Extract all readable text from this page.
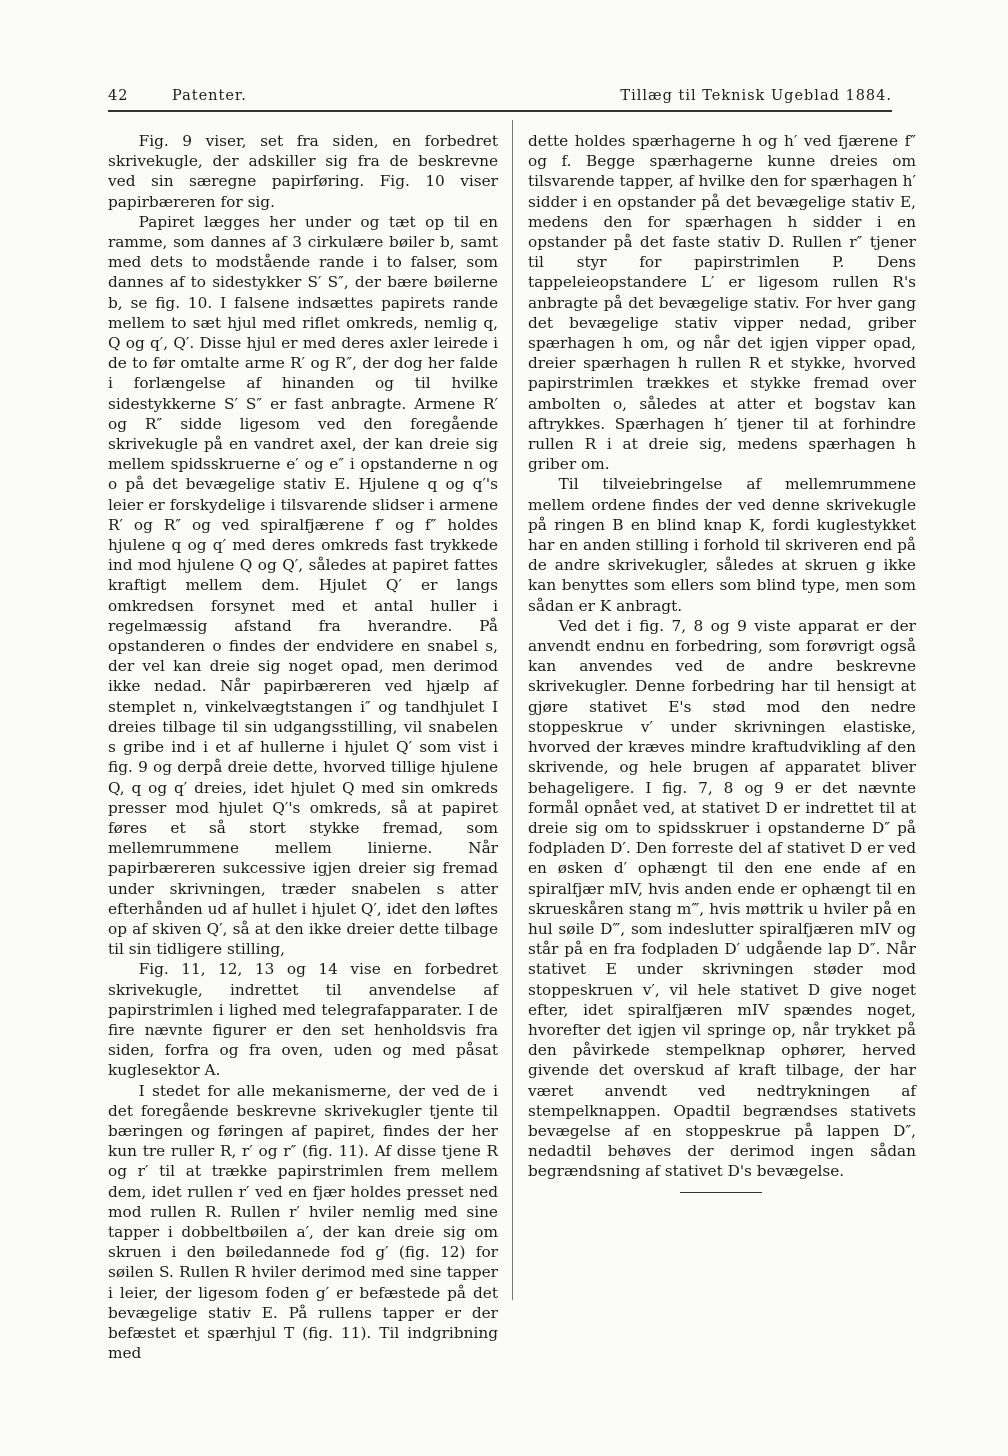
42	Patenter.	Tillæg til Teknisk Ugeblad 1884.

Fig. 9 viser, set fra siden, en forbedret skrivekugle, der adskiller sig fra de beskrevne ved sin særegne papirføring. Fig. 10 viser papirbæreren for sig.

Papiret lægges her under og tæt op til en ramme, som dannes af 3 cirkulære bøiler b, samt med dets to modstående rande i to falser, som dannes af to sidestykker S′ S″, der bære bøilerne b, se fig. 10. I falsene indsættes papirets rande mellem to sæt hjul med riflet omkreds, nemlig q, Q og q′, Q′. Disse hjul er med deres axler leirede i de to før omtalte arme R′ og R″, der dog her falde i forlængelse af hinanden og til hvilke sidestykkerne S′ S″ er fast anbragte. Armene R′ og R″ sidde ligesom ved den foregående skrivekugle på en vandret axel, der kan dreie sig mellem spidsskruerne e′ og e″ i opstanderne n og o på det bevægelige stativ E. Hjulene q og q′'s leier er forskydelige i tilsvarende slidser i armene R′ og R″ og ved spiralfjærene f′ og f″ holdes hjulene q og q′ med deres omkreds fast trykkede ind mod hjulene Q og Q′, således at papiret fattes kraftigt mellem dem. Hjulet Q′ er langs omkredsen forsynet med et antal huller i regelmæssig afstand fra hverandre. På opstanderen o findes der endvidere en snabel s, der vel kan dreie sig noget opad, men derimod ikke nedad. Når papirbæreren ved hjælp af stemplet n, vinkelvægtstangen i″ og tandhjulet I dreies tilbage til sin udgangsstilling, vil snabelen s gribe ind i et af hullerne i hjulet Q′ som vist i fig. 9 og derpå dreie dette, hvorved tillige hjulene Q, q og q′ dreies, idet hjulet Q med sin omkreds presser mod hjulet Q′'s omkreds, så at papiret føres et så stort stykke fremad, som mellemrummene mellem linierne. Når papirbæreren sukcessive igjen dreier sig fremad under skrivningen, træder snabelen s atter efterhånden ud af hullet i hjulet Q′, idet den løftes op af skiven Q′, så at den ikke dreier dette tilbage til sin tidligere stilling,

Fig. 11, 12, 13 og 14 vise en forbedret skrivekugle, indrettet til anvendelse af papirstrimlen i lighed med telegrafapparater. I de fire nævnte figurer er den set henholdsvis fra siden, forfra og fra oven, uden og med påsat kuglesektor A.

I stedet for alle mekanismerne, der ved de i det foregående beskrevne skrivekugler tjente til bæringen og føringen af papiret, findes der her kun tre ruller R, r′ og r″ (fig. 11). Af disse tjene R og r′ til at trække papirstrimlen frem mellem dem, idet rullen r′ ved en fjær holdes presset ned mod rullen R. Rullen r′ hviler nemlig med sine tapper i dobbeltbøilen a′, der kan dreie sig om skruen i den bøiledannede fod g′ (fig. 12) for søilen S. Rullen R hviler derimod med sine tapper i leier, der ligesom foden g′ er befæstede på det bevægelige stativ E. På rullens tapper er der befæstet et spærhjul T (fig. 11). Til indgribning med

dette holdes spærhagerne h og h′ ved fjærene f″ og f. Begge spærhagerne kunne dreies om tilsvarende tapper, af hvilke den for spærhagen h′ sidder i en opstander på det bevægelige stativ E, medens den for spærhagen h sidder i en opstander på det faste stativ D. Rullen r″ tjener til styr for papirstrimlen P. Dens tappeleieopstandere L′ er ligesom rullen R's anbragte på det bevægelige stativ. For hver gang det bevægelige stativ vipper nedad, griber spærhagen h om, og når det igjen vipper opad, dreier spærhagen h rullen R et stykke, hvorved papirstrimlen trækkes et stykke fremad over ambolten o, således at atter et bogstav kan aftrykkes. Spærhagen h′ tjener til at forhindre rullen R i at dreie sig, medens spærhagen h griber om.

Til tilveiebringelse af mellemrummene mellem ordene findes der ved denne skrivekugle på ringen B en blind knap K, fordi kuglestykket har en anden stilling i forhold til skriveren end på de andre skrivekugler, således at skruen g ikke kan benyttes som ellers som blind type, men som sådan er K anbragt.

Ved det i fig. 7, 8 og 9 viste apparat er der anvendt endnu en forbedring, som forøvrigt også kan anvendes ved de andre beskrevne skrivekugler. Denne forbedring har til hensigt at gjøre stativet E's stød mod den nedre stoppeskrue v′ under skrivningen elastiske, hvorved der kræves mindre kraftudvikling af den skrivende, og hele brugen af apparatet bliver behageligere. I fig. 7, 8 og 9 er det nævnte formål opnået ved, at stativet D er indrettet til at dreie sig om to spidsskruer i opstanderne D″ på fodpladen D′. Den forreste del af stativet D er ved en øsken d′ ophængt til den ene ende af en spiralfjær mIV, hvis anden ende er ophængt til en skrueskåren stang m‴, hvis møttrik u hviler på en hul søile D‴, som indeslutter spiralfjæren mIV og står på en fra fodpladen D′ udgående lap D″. Når stativet E under skrivningen støder mod stoppeskruen v′, vil hele stativet D give noget efter, idet spiralfjæren mIV spændes noget, hvorefter det igjen vil springe op, når trykket på den påvirkede stempelknap ophører, herved givende det overskud af kraft tilbage, der har været anvendt ved nedtrykningen af stempelknappen. Opadtil begrændses stativets bevægelse af en stoppeskrue på lappen D″, nedadtil behøves der derimod ingen sådan begrændsning af stativet D's bevægelse.
